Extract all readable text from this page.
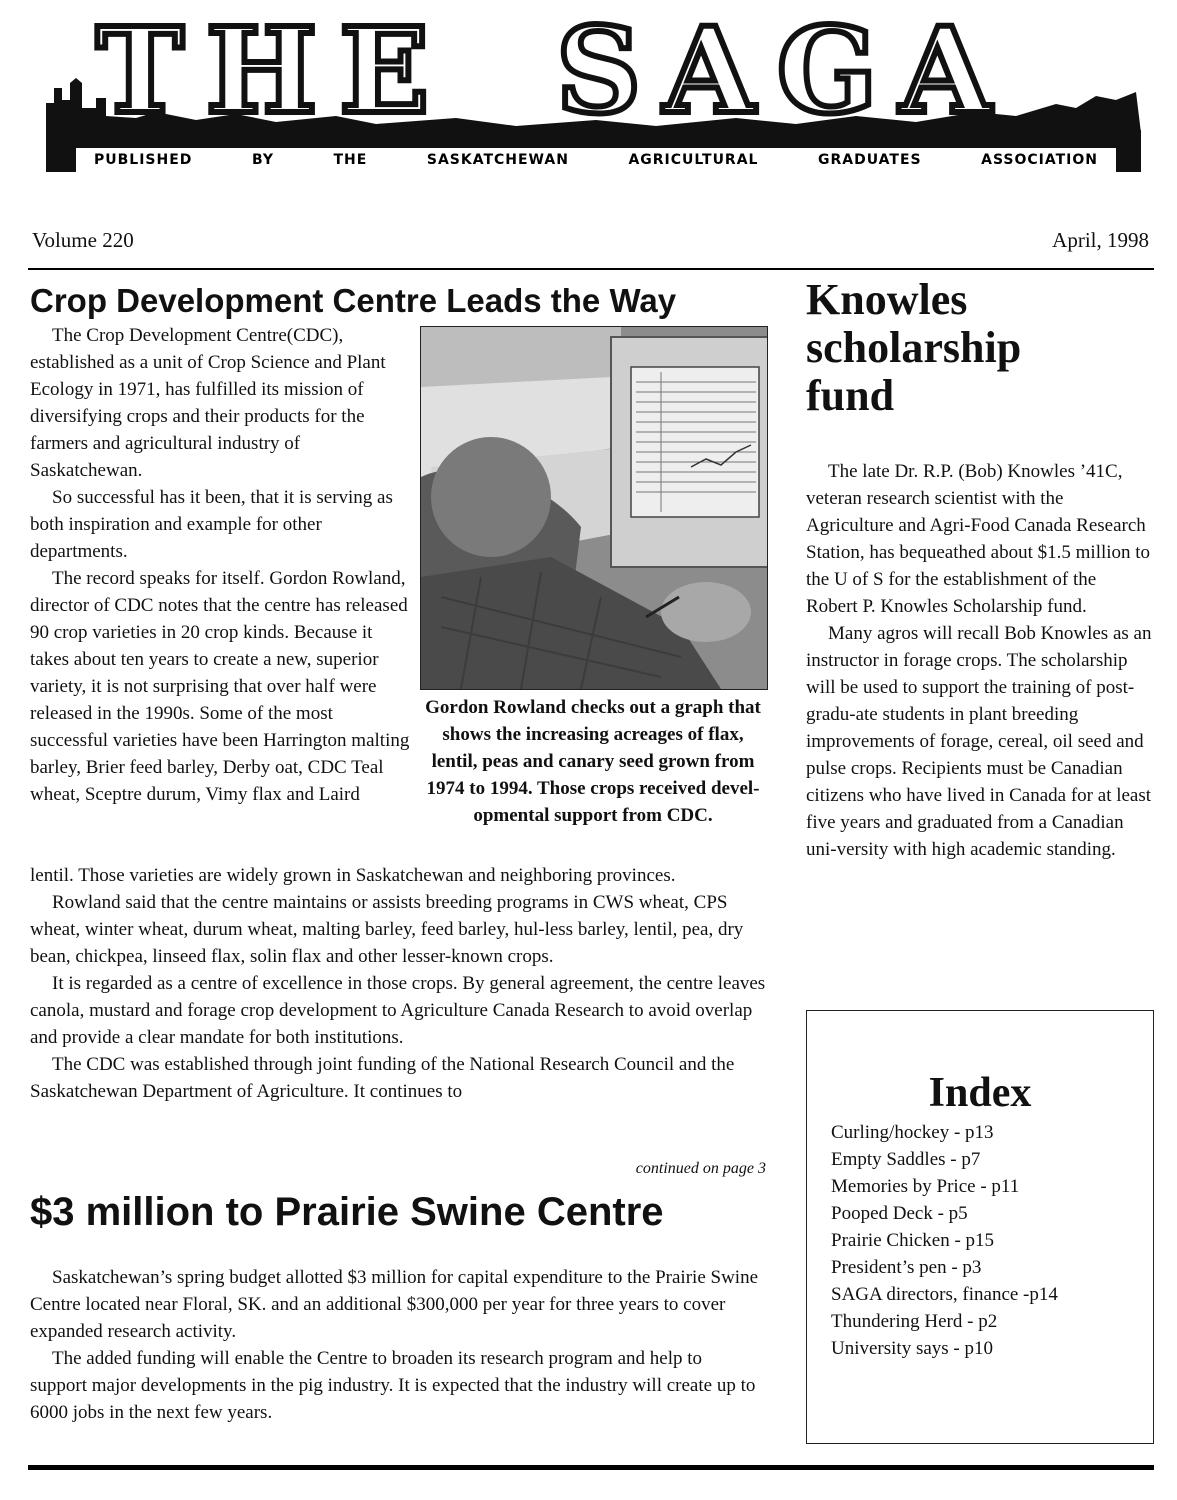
THE SAGA
PUBLISHED	BY	THE	SASKATCHEWAN	AGRICULTURAL	GRADUATES	ASSOCIATION
Volume 220	April, 1998
Crop Development Centre Leads the Way

The Crop Development Centre(CDC), established as a unit of Crop Science and Plant Ecology in 1971, has fulfilled its mission of diversifying crops and their products for the farmers and agricultural industry of Saskatchewan.

So successful has it been, that it is serving as both inspiration and example for other departments.

The record speaks for itself. Gordon Rowland, director of CDC notes that the centre has released 90 crop varieties in 20 crop kinds. Because it takes about ten years to create a new, superior variety, it is not surprising that over half were released in the 1990s. Some of the most successful varieties have been Harrington malting barley, Brier feed barley, Derby oat, CDC Teal wheat, Sceptre durum, Vimy flax and Laird

Gordon Rowland checks out a graph that shows the increasing acreages of flax, lentil, peas and canary seed grown from 1974 to 1994. Those crops received devel-opmental support from CDC.
lentil. Those varieties are widely grown in Saskatchewan and neighboring provinces.

Rowland said that the centre maintains or assists breeding programs in CWS wheat, CPS wheat, winter wheat, durum wheat, malting barley, feed barley, hul-less barley, lentil, pea, dry bean, chickpea, linseed flax, solin flax and other lesser-known crops.

It is regarded as a centre of excellence in those crops. By general agreement, the centre leaves canola, mustard and forage crop development to Agriculture Canada Research to avoid overlap and provide a clear mandate for both institutions.

The CDC was established through joint funding of the National Research Council and the Saskatchewan Department of Agriculture. It continues to

continued on page 3
$3 million to Prairie Swine Centre

Saskatchewan’s spring budget allotted $3 million for capital expenditure to the Prairie Swine Centre located near Floral, SK. and an additional $300,000 per year for three years to cover expanded research activity.

The added funding will enable the Centre to broaden its research program and help to support major developments in the pig industry. It is expected that the industry will create up to 6000 jobs in the next few years.

Knowles
scholarship
fund

The late Dr. R.P. (Bob) Knowles ’41C, veteran research scientist with the Agriculture and Agri-Food Canada Research Station, has bequeathed about $1.5 million to the U of S for the establishment of the Robert P. Knowles Scholarship fund.

Many agros will recall Bob Knowles as an instructor in forage crops. The scholarship will be used to support the training of post-gradu-ate students in plant breeding improvements of forage, cereal, oil seed and pulse crops. Recipients must be Canadian citizens who have lived in Canada for at least five years and graduated from a Canadian uni-versity with high academic standing.

Index
Curling/hockey - p13
Empty Saddles - p7
Memories by Price - p11
Pooped Deck - p5
Prairie Chicken - p15
President’s pen - p3
SAGA directors, finance -p14
Thundering Herd - p2
University says - p10
